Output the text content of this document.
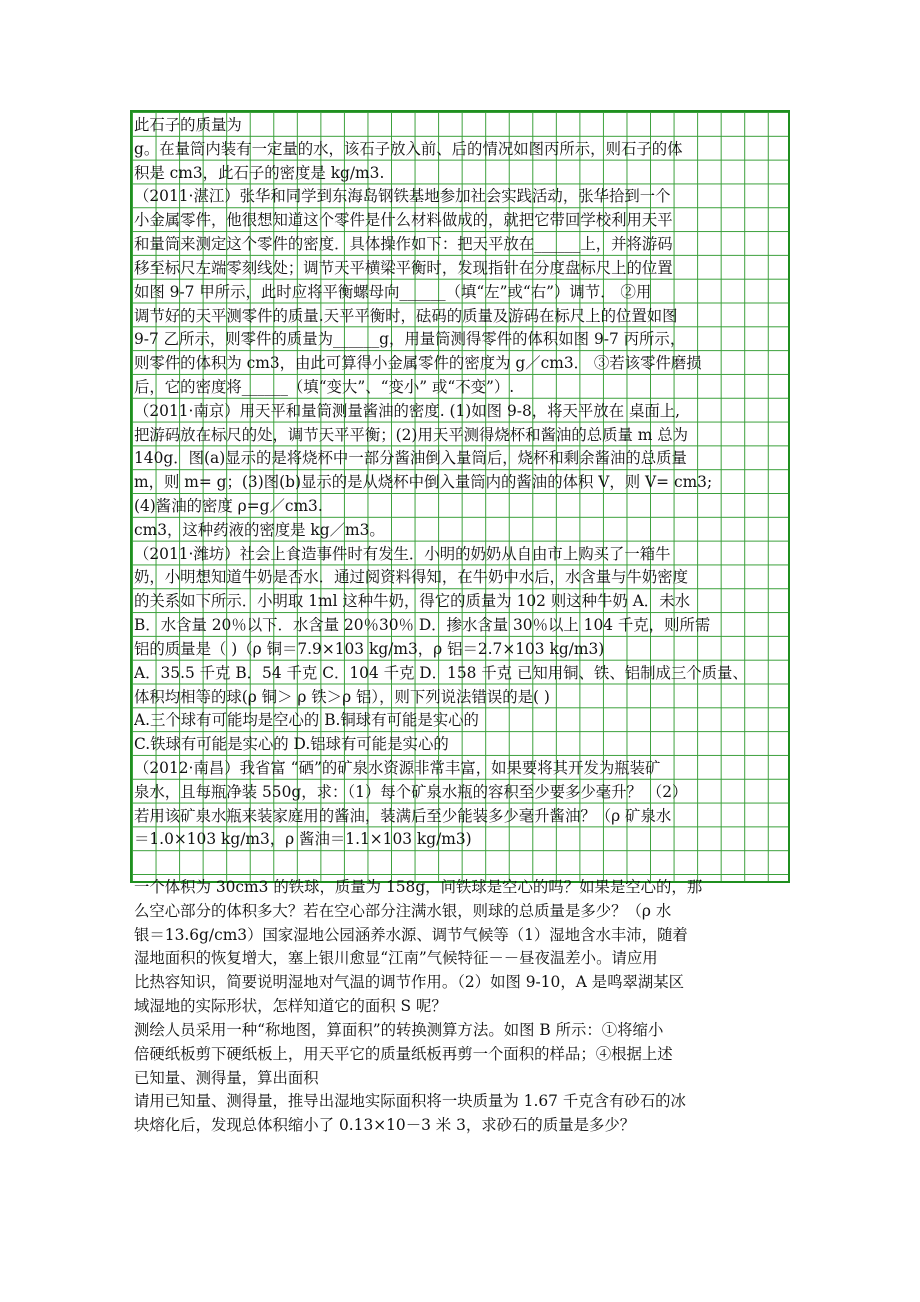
此石子的质量为
g。在量筒内装有一定量的水，该石子放入前、后的情况如图丙所示，则石子的体
积是 cm3，此石子的密度是 kg/m3.
（2011·湛江）张华和同学到东海岛钢铁基地参加社会实践活动，张华拾到一个
小金属零件，他很想知道这个零件是什么材料做成的，就把它带回学校利用天平
和量筒来测定这个零件的密度．具体操作如下：把天平放在______上，并将游码
移至标尺左端零刻线处；调节天平横梁平衡时，发现指针在分度盘标尺上的位置
如图 9-7 甲所示，此时应将平衡螺母向______（填“左”或“右”）调节． ②用
调节好的天平测零件的质量.天平平衡时，砝码的质量及游码在标尺上的位置如图
9-7 乙所示，则零件的质量为______g，用量筒测得零件的体积如图 9-7 丙所示，
则零件的体积为 cm3，由此可算得小金属零件的密度为 g／cm3． ③若该零件磨损
后，它的密度将______（填“变大”、“变小” 或“不变”）.
（2011·南京）用天平和量筒测量酱油的密度. (1)如图 9-8，将天平放在 桌面上,
把游码放在标尺的处，调节天平平衡；(2)用天平测得烧杯和酱油的总质量 m 总为
140g．图(a)显示的是将烧杯中一部分酱油倒入量筒后，烧杯和剩余酱油的总质量
m，则 m= g；(3)图(b)显示的是从烧杯中倒入量筒内的酱油的体积 V，则 V= cm3;
(4)酱油的密度 ρ=g／cm3.
cm3，这种药液的密度是 kg／m3。
（2011·潍坊）社会上食造事件时有发生．小明的奶奶从自由市上购买了一箱牛
奶，小明想知道牛奶是否水．通过阅资料得知，在牛奶中水后，水含量与牛奶密度
的关系如下所示．小明取 1ml 这种牛奶，得它的质量为 102 则这种牛奶 A．未水
B．水含量 20％以下．水含量 20％30％ D．掺水含量 30％以上 104 千克，则所需
铝的质量是（ )（ρ 铜＝7.9×103 kg/m3，ρ 铝＝2.7×103 kg/m3)
A．35.5 千克 B．54 千克 C．104 千克 D．158 千克 已知用铜、铁、铝制成三个质量、
体积均相等的球(ρ 铜＞ ρ 铁＞ρ 铝），则下列说法错误的是( )
A.三个球有可能均是空心的 B.铜球有可能是实心的
C.铁球有可能是实心的 D.铝球有可能是实心的
（2012·南昌）我省富 “硒”的矿泉水资源非常丰富，如果要将其开发为瓶装矿
泉水，且每瓶净装 550g，求：（1）每个矿泉水瓶的容积至少要多少毫升？ （2）
若用该矿泉水瓶来装家庭用的酱油，装满后至少能装多少毫升酱油？（ρ 矿泉水
＝1.0×103 kg/m3，ρ 酱油＝1.1×103 kg/m3)
一个体积为 30cm3 的铁球，质量为 158g，问铁球是空心的吗？如果是空心的，那
么空心部分的体积多大？若在空心部分注满水银，则球的总质量是多少？（ρ 水
银＝13.6g/cm3）国家湿地公园涵养水源、调节气候等（1）湿地含水丰沛，随着
湿地面积的恢复增大，塞上银川愈显“江南”气候特征－－昼夜温差小。请应用
比热容知识，简要说明湿地对气温的调节作用。（2）如图 9-10，A 是鸣翠湖某区
域湿地的实际形状，怎样知道它的面积 S 呢？
测绘人员采用一种“称地图，算面积”的转换测算方法。如图 B 所示：①将缩小
倍硬纸板剪下硬纸板上，用天平它的质量纸板再剪一个面积的样品；④根据上述
已知量、测得量，算出面积
请用已知量、测得量，推导出湿地实际面积将一块质量为 1.67 千克含有砂石的冰
块熔化后，发现总体积缩小了 0.13×10－3 米 3，求砂石的质量是多少？
